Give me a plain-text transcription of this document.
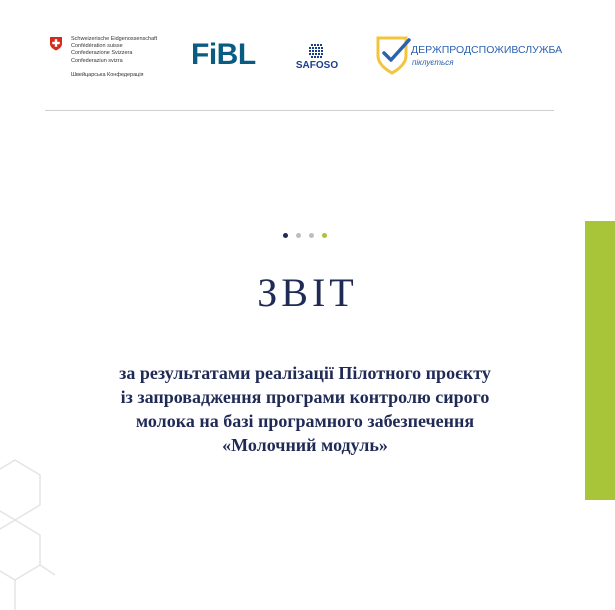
Schweizerische Eidgenossenschaft
Confédération suisse
Confederazione Svizzera
Confederaziun svizra
Швейцарська Конфедерація
FiBL	SAFOSO
ДЕРЖПРОДСПОЖИВСЛУЖБА
піклується
ЗВІТ
за результатами реалізації Пілотного проєкту
із запровадження програми контролю сирого
молока на базі програмного забезпечення
«Молочний модуль»
